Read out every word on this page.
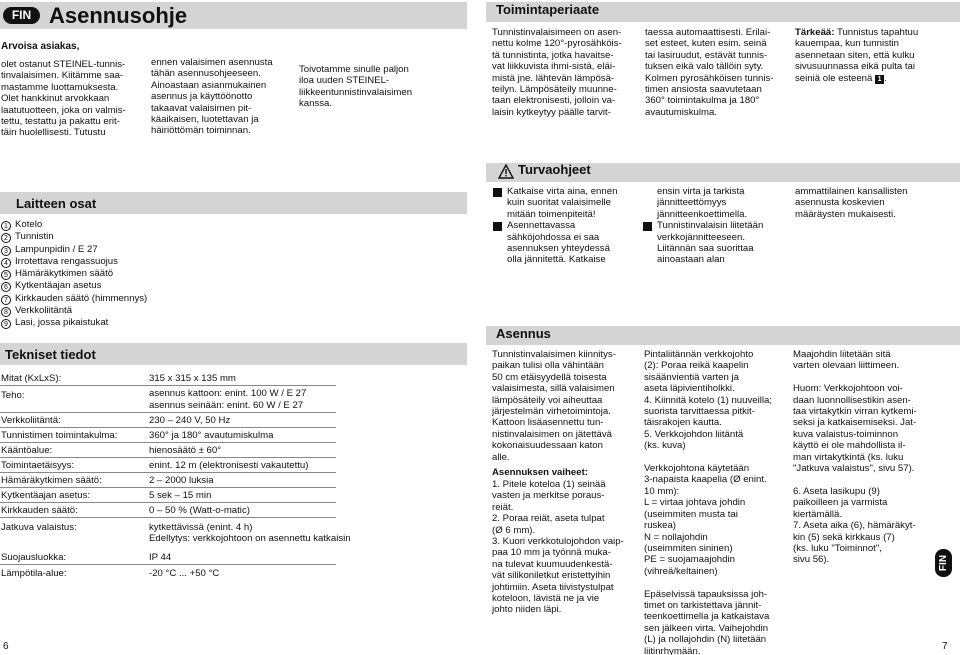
FIN Asennusohje
Arvoisa asiakas,
olet ostanut STEINEL-tunnis-
tinvalaisimen. Kiitämme saa-
mastamme luottamuksesta.
Olet hankkinut arvokkaan
laatutuotteen, joka on valmis-
tettu, testattu ja pakattu erit-
täin huolellisesti. Tutustu
ennen valaisimen asennusta
tähän asennusohjeeseen.
Ainoastaan asianmukainen
asennus ja käyttöönotto
takaavat valaisimen pit-
käaikaisen, luotettavan ja
häiriöttömän toiminnan.
Toivotamme sinulle paljon
iloa uuden STEINEL-
liikkeentunnistinvalaisimen
kanssa.
Laitteen osat
1 Kotelo
2 Tunnistin
3 Lampunpidin / E 27
4 Irrotettava rengassuojus
5 Hämäräkytkimen säätö
6 Kytkentäajan asetus
7 Kirkkauden säätö (himmennys)
8 Verkkoliitäntä
9 Lasi, jossa pikaistukat
Tekniset tiedot
Mitat (KxLxS):	315 x 315 x 135 mm
Teho:	asennus kattoon: enint. 100 W / E 27
asennus seinään: enint. 60 W / E 27
Verkkoliitäntä:	230 – 240 V, 50 Hz
Tunnistimen toimintakulma:	360° ja 180° avautumiskulma
Kääntöalue:	hienosäätö ± 60°
Toimintaetäisyys:	enint. 12 m (elektronisesti vakautettu)
Hämäräkytkimen säätö:	2 – 2000 luksia
Kytkentäajan asetus:	5 sek – 15 min
Kirkkauden säätö:	0 – 50 % (Watt-o-matic)
Jatkuva valaistus:	kytkettävissä (enint. 4 h)
Edellytys: verkkojohtoon on asennettu katkaisin
Suojausluokka:	IP 44
Lämpötila-alue:	-20 °C ... +50 °C
6
Toimintaperiaate
Tunnistinvalaisimeen on asen-
nettu kolme 120°-pyrosähköis-
tä tunnistinta, jotka havaitse-
vat liikkuvista ihmi-sistä, eläi-
mistä jne. lähtevän lämpösä-
teilyn. Lämpösäteily muunne-
taan elektronisesti, jolloin va-
laisin kytkeytyy päälle tarvit-
taessa automaattisesti. Erilai-
set esteet, kuten esim. seinä
tai lasiruudut, estävät tunnis-
tuksen eikä valo tällöin syty.
Kolmen pyrosähköisen tunnis-
timen ansiosta saavutetaan
360° toimintakulma ja 180°
avautumiskulma.
Tärkeää: Tunnistus tapahtuu
kauempaa, kun tunnistin
asennetaan siten, että kulku
sivusuunnassa eikä pulta tai
seiniä ole esteenä 1 .
Turvaohjeet
Katkaise virta aina, ennen
kuin suoritat valaisimelle
mitään toimenpiteitä!
Asennettavassa
sähköjohdossa ei saa
asennuksen yhteydessä
olla jännitettä. Katkaise
ensin virta ja tarkista
jännitteettömyys
jännitteenkoettimella.
Tunnistinvalaisin liitetään
verkkojännitteeseen.
Liitännän saa suorittaa
ainoastaan alan
ammattilainen kansallisten
asennusta koskevien
määräysten mukaisesti.
Asennus
Tunnistinvalaisimen kiinnitys-
paikan tulisi olla vähintään
50 cm etäisyydellä toisesta
valaisimesta, sillä valaisimen
lämpösäteily voi aiheuttaa
järjestelmän virhetoimintoja.
Kattoon lisäasennettu tun-
nistinvalaisimen on jätettävä
kokonaisuudessaan katon
alle.
Asennuksen vaiheet:
1. Pitele koteloa (1) seinää
vasten ja merkitse poraus-
reiät.
2. Poraa reiät, aseta tulpat
(Ø 6 mm).
3. Kuori verkkotulojohdon vaip-
paa 10 mm ja työnnä muka-
na tulevat kuumuudenkestä-
vät silikoniletkut eristettyihin
johtimiin. Aseta tiivistystulpat
koteloon, lävistä ne ja vie
johto niiden läpi.
Pintaliitännän verkkojohto
(2): Poraa reikä kaapelin
sisäänvientiä varten ja
aseta läpivientiholkki.
4. Kiinnitä kotelo (1) nuuveilla;
suorista tarvittaessa pitkit-
täisrakojen kautta.
5. Verkkojohdon liitäntä
(ks. kuva)

Verkkojohtona käytetään
3-napaista kaapelia (Ø enint.
10 mm):
L = virtaa johtava johdin
(useimmiten musta tai
ruskea)
N = nollajohdin
(useimmiten sininen)
PE = suojamaajohdin
(vihreä/keltainen)

Epäselvissä tapauksissa joh-
timet on tarkistettava jännit-
teenkoettimella ja katkaistava
sen jälkeen virta. Vaihejohdin
(L) ja nollajohdin (N) liitetään
liitinrhymään.
Maajohdin liitetään sitä
varten olevaan liittimeen.

Huom: Verkkojohtoon voi-
daan luonnollisestikin asen-
taa virtakytkin virran kytkemi-
seksi ja katkaisemiseksi. Jat-
kuva valaistus-toiminnon
käyttö ei ole mahdollista il-
man virtakytkintä (ks. luku
"Jatkuva valaistus", sivu 57).

6. Aseta lasikupu (9)
paikoilleen ja varmista
kiertämällä.
7. Aseta aika (6), hämäräkyt-
kin (5) sekä kirkkaus (7)
(ks. luku "Toiminnot",
sivu 56).	FIN
7
